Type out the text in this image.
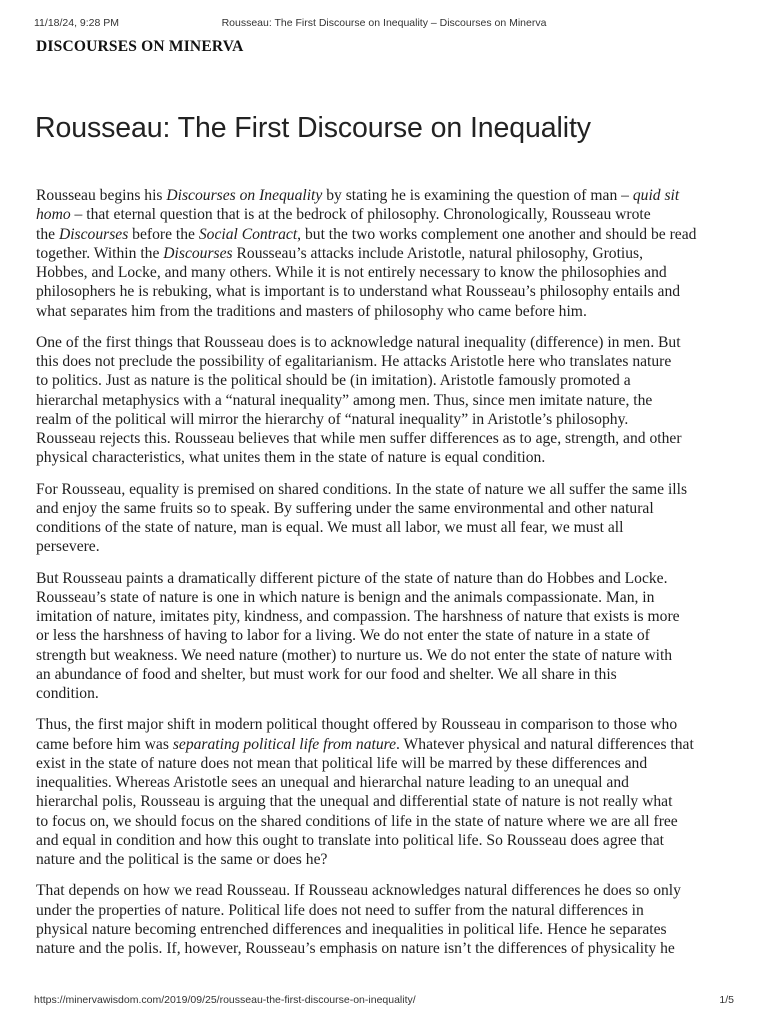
11/18/24, 9:28 PM	Rousseau: The First Discourse on Inequality – Discourses on Minerva
DISCOURSES ON MINERVA
Rousseau: The First Discourse on Inequality

Rousseau begins his Discourses on Inequality by stating he is examining the question of man – quid sit
homo – that eternal question that is at the bedrock of philosophy. Chronologically, Rousseau wrote
the Discourses before the Social Contract, but the two works complement one another and should be read
together. Within the Discourses Rousseau’s attacks include Aristotle, natural philosophy, Grotius,
Hobbes, and Locke, and many others. While it is not entirely necessary to know the philosophies and
philosophers he is rebuking, what is important is to understand what Rousseau’s philosophy entails and
what separates him from the traditions and masters of philosophy who came before him.

One of the first things that Rousseau does is to acknowledge natural inequality (difference) in men. But
this does not preclude the possibility of egalitarianism. He attacks Aristotle here who translates nature
to politics. Just as nature is the political should be (in imitation). Aristotle famously promoted a
hierarchal metaphysics with a “natural inequality” among men. Thus, since men imitate nature, the
realm of the political will mirror the hierarchy of “natural inequality” in Aristotle’s philosophy.
Rousseau rejects this. Rousseau believes that while men suffer differences as to age, strength, and other
physical characteristics, what unites them in the state of nature is equal condition.

For Rousseau, equality is premised on shared conditions. In the state of nature we all suffer the same ills
and enjoy the same fruits so to speak. By suffering under the same environmental and other natural
conditions of the state of nature, man is equal. We must all labor, we must all fear, we must all
persevere.

But Rousseau paints a dramatically different picture of the state of nature than do Hobbes and Locke.
Rousseau’s state of nature is one in which nature is benign and the animals compassionate. Man, in
imitation of nature, imitates pity, kindness, and compassion. The harshness of nature that exists is more
or less the harshness of having to labor for a living. We do not enter the state of nature in a state of
strength but weakness. We need nature (mother) to nurture us. We do not enter the state of nature with
an abundance of food and shelter, but must work for our food and shelter. We all share in this
condition.

Thus, the first major shift in modern political thought offered by Rousseau in comparison to those who
came before him was separating political life from nature. Whatever physical and natural differences that
exist in the state of nature does not mean that political life will be marred by these differences and
inequalities. Whereas Aristotle sees an unequal and hierarchal nature leading to an unequal and
hierarchal polis, Rousseau is arguing that the unequal and differential state of nature is not really what
to focus on, we should focus on the shared conditions of life in the state of nature where we are all free
and equal in condition and how this ought to translate into political life. So Rousseau does agree that
nature and the political is the same or does he?

That depends on how we read Rousseau. If Rousseau acknowledges natural differences he does so only
under the properties of nature. Political life does not need to suffer from the natural differences in
physical nature becoming entrenched differences and inequalities in political life. Hence he separates
nature and the polis. If, however, Rousseau’s emphasis on nature isn’t the differences of physicality he

https://minervawisdom.com/2019/09/25/rousseau-the-first-discourse-on-inequality/	1/5
